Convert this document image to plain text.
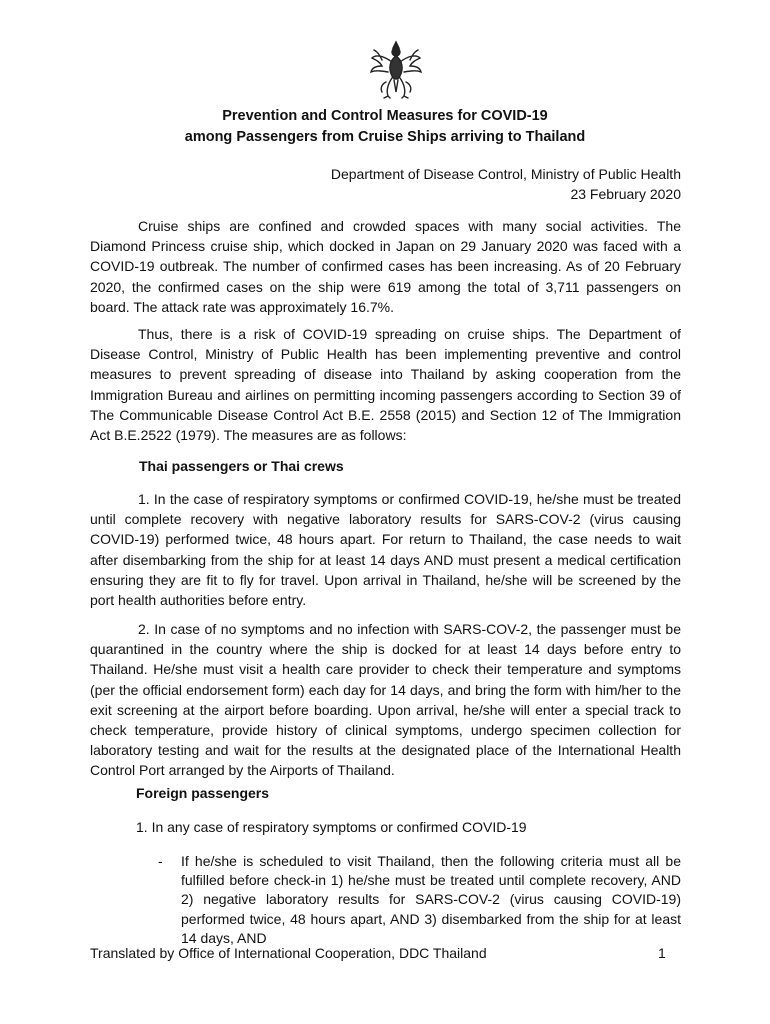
Prevention and Control Measures for COVID-19
among Passengers from Cruise Ships arriving to Thailand
Department of Disease Control, Ministry of Public Health
23 February 2020
Cruise ships are confined and crowded spaces with many social activities. The Diamond Princess cruise ship, which docked in Japan on 29 January 2020 was faced with a COVID-19 outbreak. The number of confirmed cases has been increasing. As of 20 February 2020, the confirmed cases on the ship were 619 among the total of 3,711 passengers on board. The attack rate was approximately 16.7%.
Thus, there is a risk of COVID-19 spreading on cruise ships. The Department of Disease Control, Ministry of Public Health has been implementing preventive and control measures to prevent spreading of disease into Thailand by asking cooperation from the Immigration Bureau and airlines on permitting incoming passengers according to Section 39 of The Communicable Disease Control Act B.E. 2558 (2015) and Section 12 of The Immigration Act B.E.2522 (1979). The measures are as follows:
Thai passengers or Thai crews
1. In the case of respiratory symptoms or confirmed COVID-19, he/she must be treated until complete recovery with negative laboratory results for SARS-COV-2 (virus causing COVID-19) performed twice, 48 hours apart. For return to Thailand, the case needs to wait after disembarking from the ship for at least 14 days AND must present a medical certification ensuring they are fit to fly for travel. Upon arrival in Thailand, he/she will be screened by the port health authorities before entry.
2. In case of no symptoms and no infection with SARS-COV-2, the passenger must be quarantined in the country where the ship is docked for at least 14 days before entry to Thailand. He/she must visit a health care provider to check their temperature and symptoms (per the official endorsement form) each day for 14 days, and bring the form with him/her to the exit screening at the airport before boarding. Upon arrival, he/she will enter a special track to check temperature, provide history of clinical symptoms, undergo specimen collection for laboratory testing and wait for the results at the designated place of the International Health Control Port arranged by the Airports of Thailand.
Foreign passengers
1. In any case of respiratory symptoms or confirmed COVID-19
- If he/she is scheduled to visit Thailand, then the following criteria must all be fulfilled before check-in 1) he/she must be treated until complete recovery, AND 2) negative laboratory results for SARS-COV-2 (virus causing COVID-19) performed twice, 48 hours apart, AND 3) disembarked from the ship for at least 14 days, AND
Translated by Office of International Cooperation, DDC Thailand	1
